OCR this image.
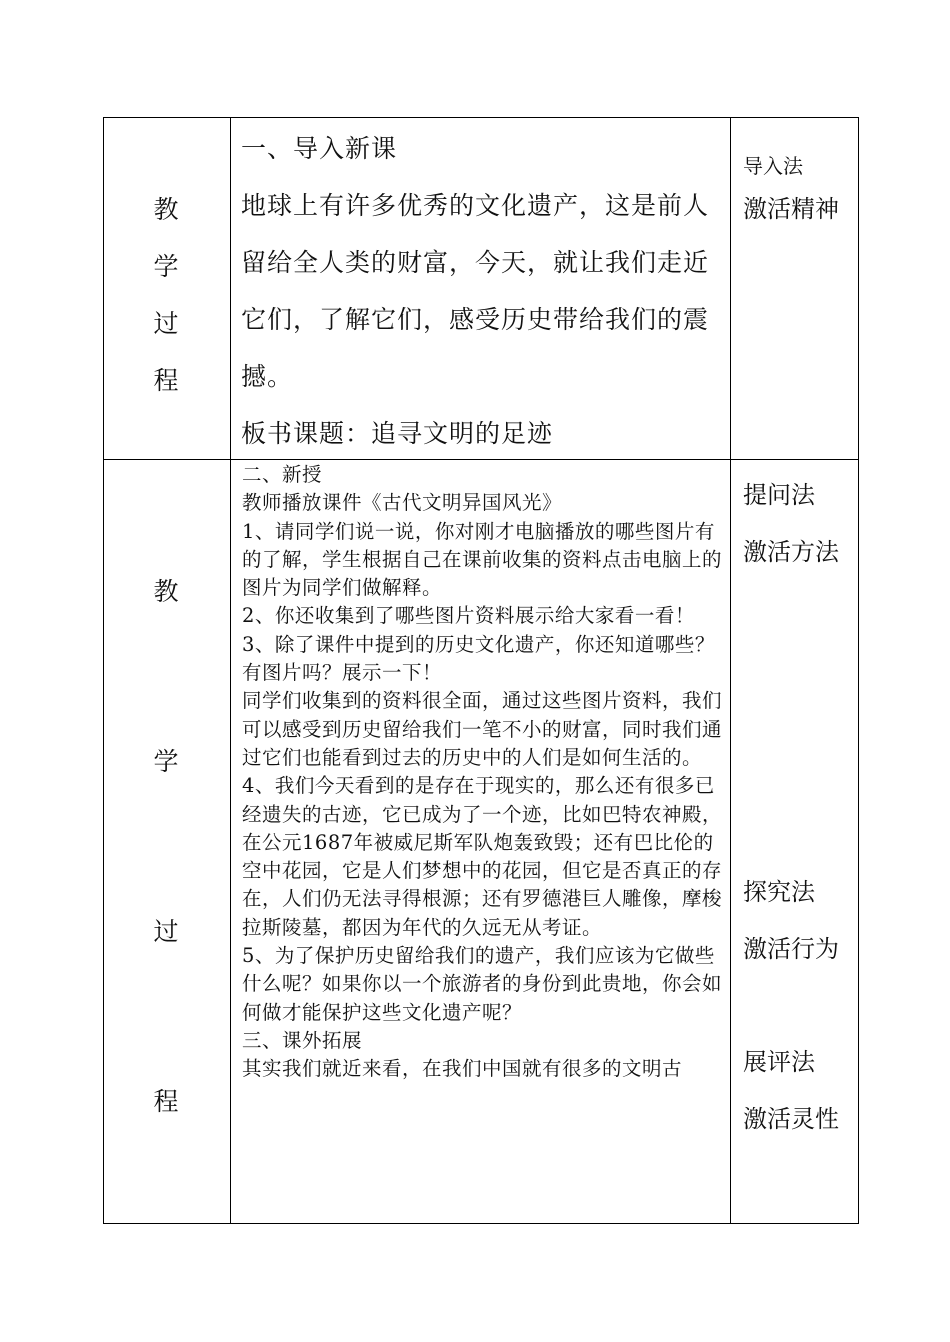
教
学
过
程

一、导入新课

地球上有许多优秀的文化遗产，这是前人留给全人类的财富，今天，就让我们走近它们，了解它们，感受历史带给我们的震撼。

板书课题：追寻文明的足迹

导入法
激活精神
教
学
过
程

二、新授

教师播放课件《古代文明异国风光》

1、请同学们说一说，你对刚才电脑播放的哪些图片有的了解，学生根据自己在课前收集的资料点击电脑上的图片为同学们做解释。

2、你还收集到了哪些图片资料展示给大家看一看！

3、除了课件中提到的历史文化遗产，你还知道哪些？

有图片吗？展示一下！

同学们收集到的资料很全面，通过这些图片资料，我们可以感受到历史留给我们一笔不小的财富，同时我们通过它们也能看到过去的历史中的人们是如何生活的。

4、我们今天看到的是存在于现实的，那么还有很多已经遗失的古迹，它已成为了一个迹，比如巴特农神殿，在公元1687年被威尼斯军队炮轰致毁；还有巴比伦的空中花园，它是人们梦想中的花园，但它是否真正的存在，人们仍无法寻得根源；还有罗德港巨人雕像，摩梭拉斯陵墓，都因为年代的久远无从考证。

5、为了保护历史留给我们的遗产，我们应该为它做些什么呢？如果你以一个旅游者的身份到此贵地，你会如何做才能保护这些文化遗产呢？

三、课外拓展

其实我们就近来看，在我们中国就有很多的文明古

提问法
激活方法
探究法
激活行为
展评法
激活灵性
